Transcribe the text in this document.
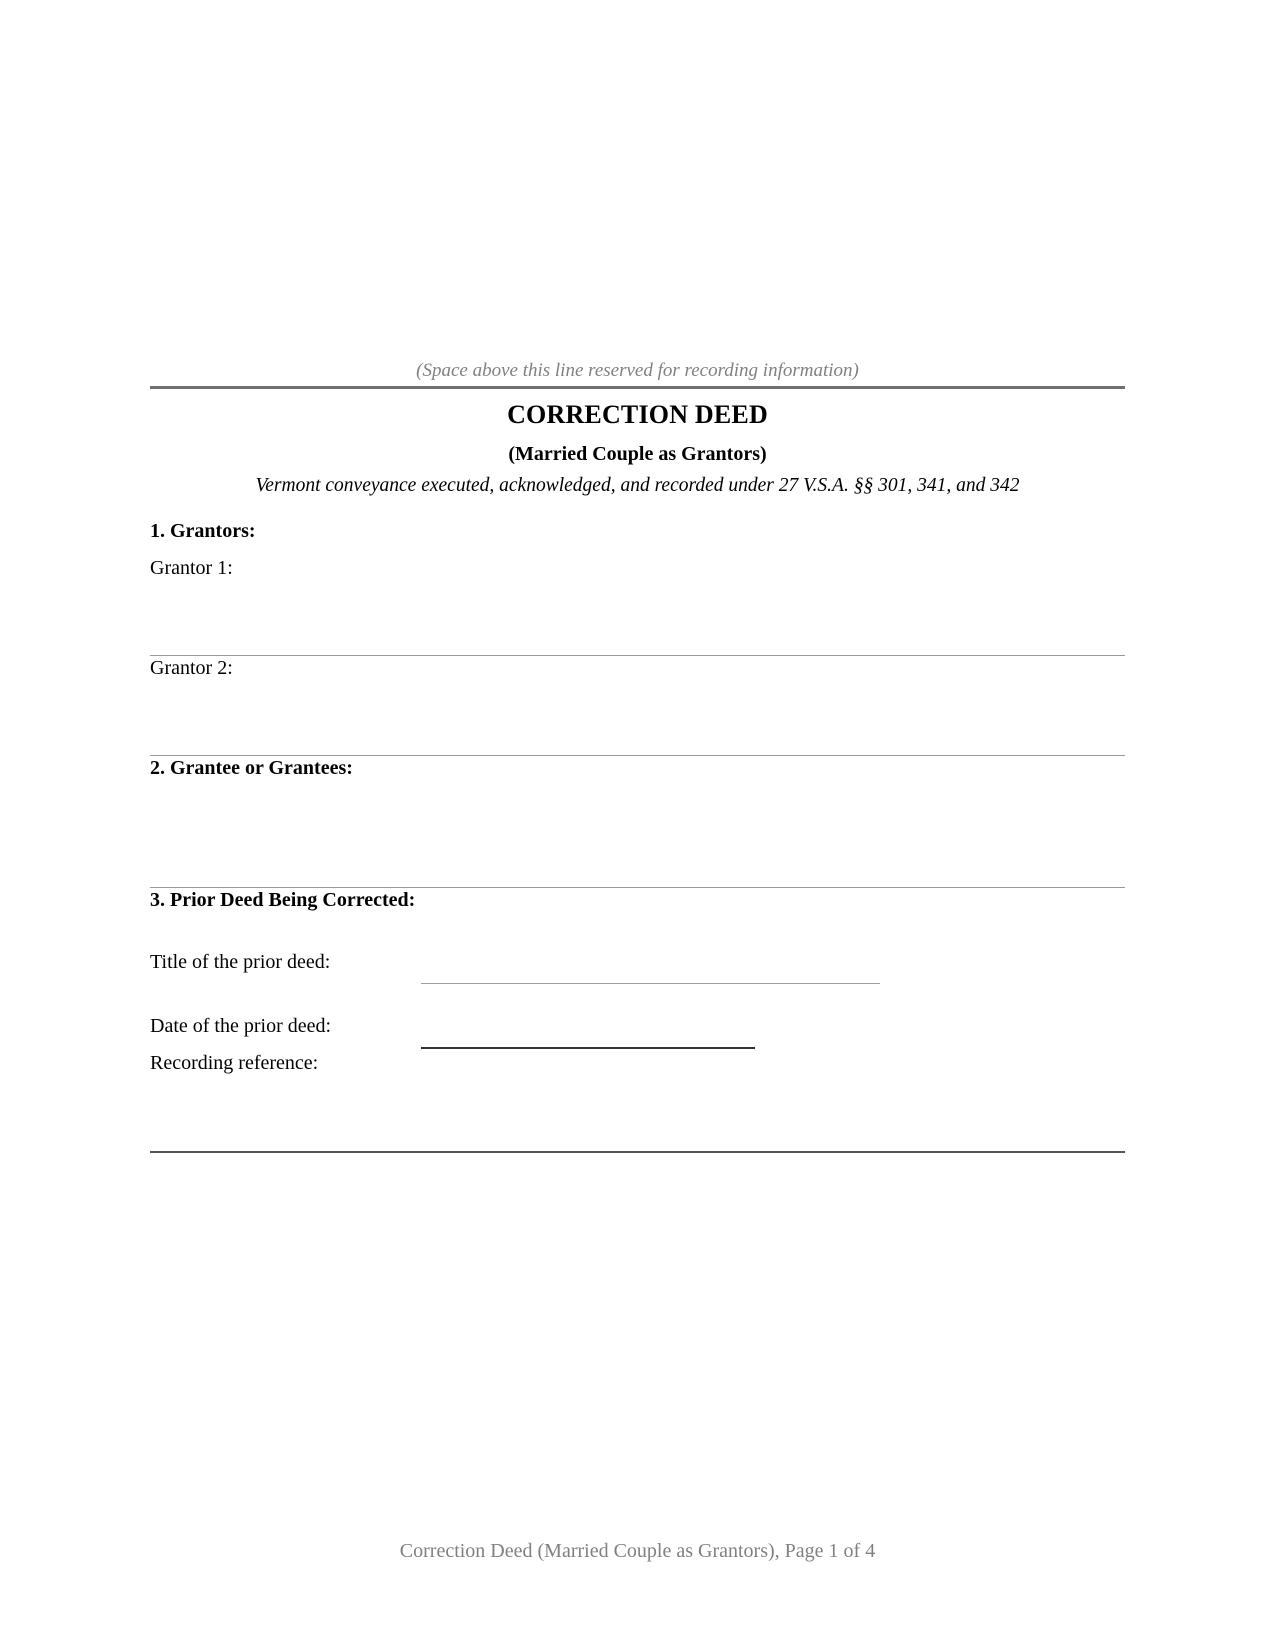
(Space above this line reserved for recording information)
CORRECTION DEED
(Married Couple as Grantors)
Vermont conveyance executed, acknowledged, and recorded under 27 V.S.A. §§ 301, 341, and 342
1. Grantors:
Grantor 1:
Grantor 2:
2. Grantee or Grantees:
3. Prior Deed Being Corrected:
Title of the prior deed:
Date of the prior deed:
Recording reference:
Correction Deed (Married Couple as Grantors), Page 1 of 4
